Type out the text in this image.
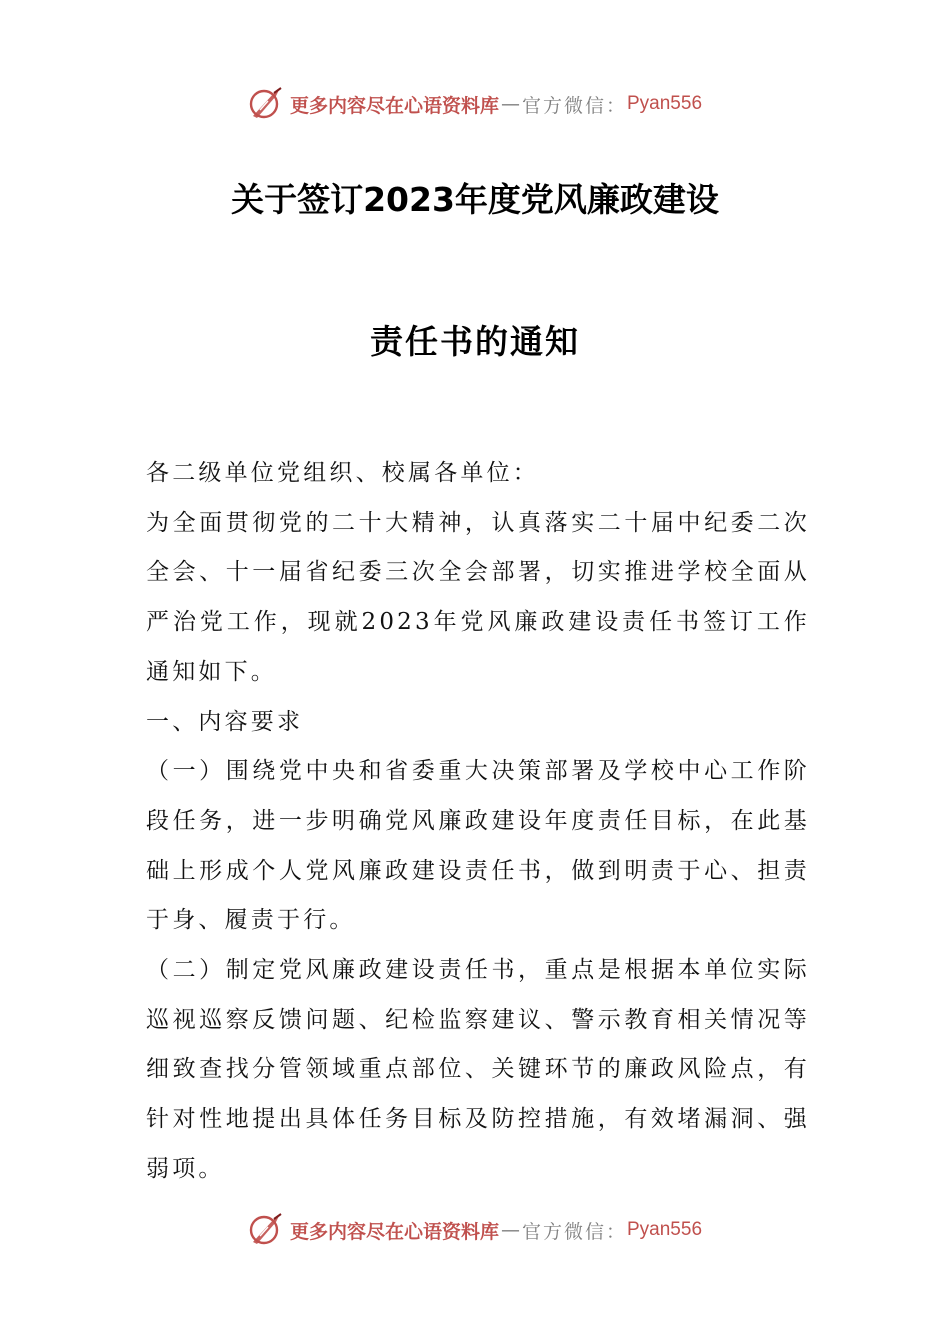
更多内容尽在心语资料库 — 官方微信： Pyan556
关于签订2023年度党风廉政建设
责任书的通知

各二级单位党组织、校属各单位：

为全面贯彻党的二十大精神，认真落实二十届中纪委二次全会、十一届省纪委三次全会部署，切实推进学校全面从严治党工作，现就2023年党风廉政建设责任书签订工作通知如下。

一、内容要求

（一）围绕党中央和省委重大决策部署及学校中心工作阶段任务，进一步明确党风廉政建设年度责任目标，在此基础上形成个人党风廉政建设责任书，做到明责于心、担责于身、履责于行。

（二）制定党风廉政建设责任书，重点是根据本单位实际巡视巡察反馈问题、纪检监察建议、警示教育相关情况等细致查找分管领域重点部位、关键环节的廉政风险点，有针对性地提出具体任务目标及防控措施，有效堵漏洞、强弱项。

更多内容尽在心语资料库 — 官方微信： Pyan556
